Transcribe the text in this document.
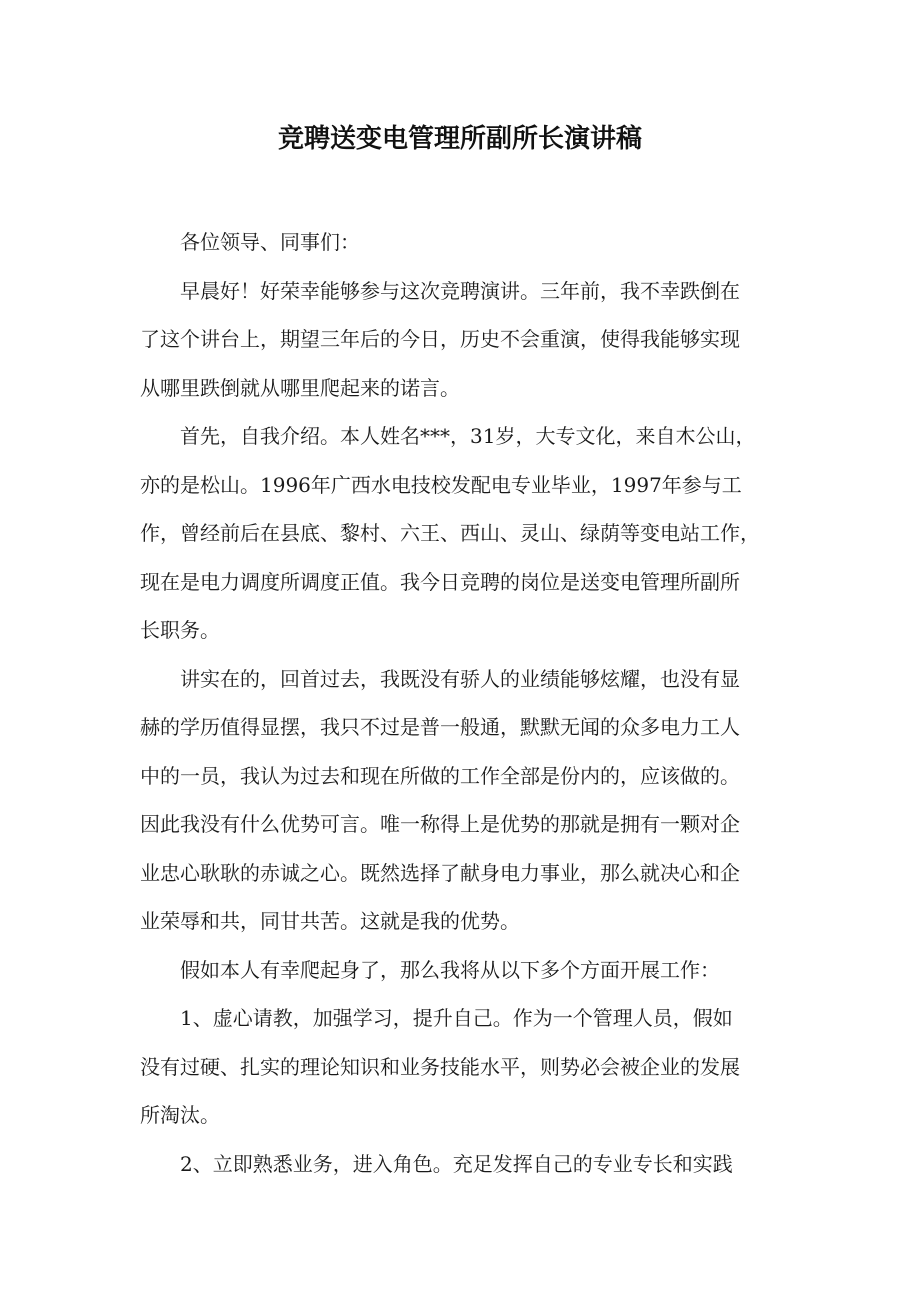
竞聘送变电管理所副所长演讲稿

各位领导、同事们：

早晨好！好荣幸能够参与这次竞聘演讲。三年前，我不幸跌倒在
了这个讲台上，期望三年后的今日，历史不会重演，使得我能够实现
从哪里跌倒就从哪里爬起来的诺言。

首先，自我介绍。本人姓名***，31岁，大专文化，来自木公山，
亦的是松山。1996年广西水电技校发配电专业毕业，1997年参与工
作，曾经前后在县底、黎村、六王、西山、灵山、绿荫等变电站工作，
现在是电力调度所调度正值。我今日竞聘的岗位是送变电管理所副所
长职务。

讲实在的，回首过去，我既没有骄人的业绩能够炫耀，也没有显
赫的学历值得显摆，我只不过是普一般通，默默无闻的众多电力工人
中的一员，我认为过去和现在所做的工作全部是份内的，应该做的。
因此我没有什么优势可言。唯一称得上是优势的那就是拥有一颗对企
业忠心耿耿的赤诚之心。既然选择了献身电力事业，那么就决心和企
业荣辱和共，同甘共苦。这就是我的优势。

假如本人有幸爬起身了，那么我将从以下多个方面开展工作：

1、虚心请教，加强学习，提升自己。作为一个管理人员，假如
没有过硬、扎实的理论知识和业务技能水平，则势必会被企业的发展
所淘汰。

2、立即熟悉业务，进入角色。充足发挥自己的专业专长和实践
